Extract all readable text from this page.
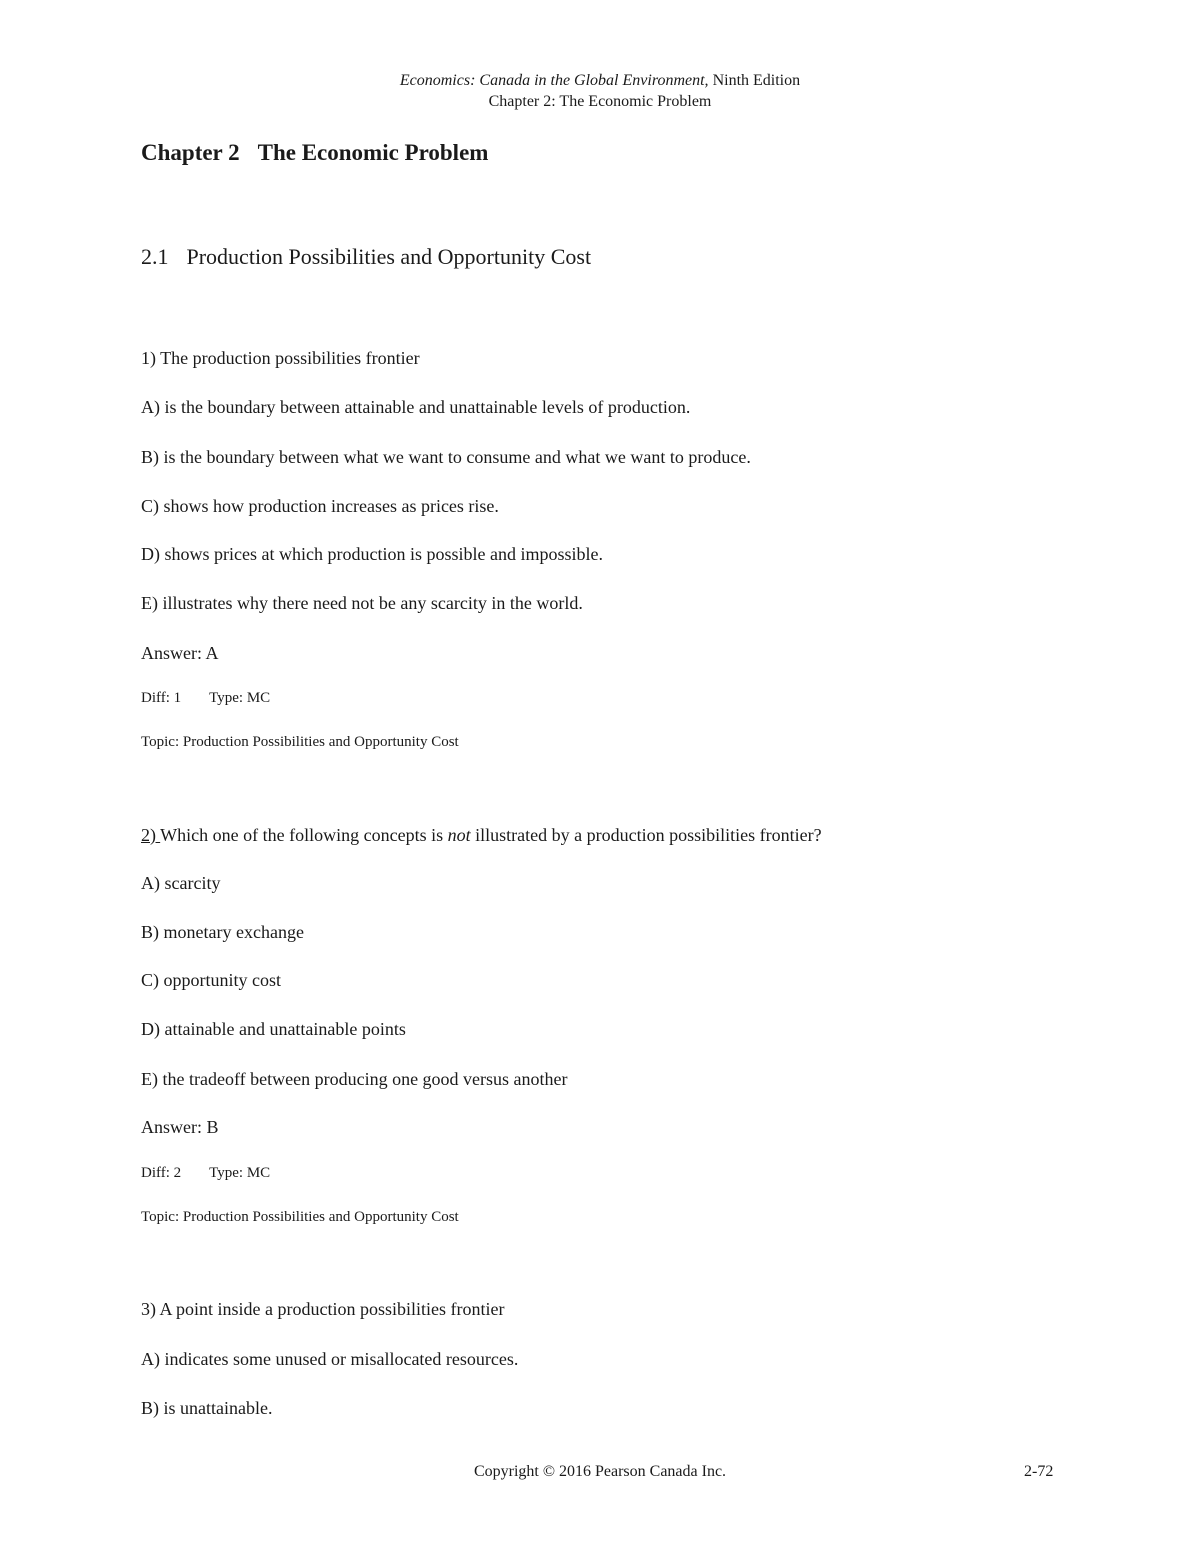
Economics: Canada in the Global Environment, Ninth Edition
Chapter 2: The Economic Problem
Chapter 2 The Economic Problem
2.1 Production Possibilities and Opportunity Cost
1) The production possibilities frontier
A) is the boundary between attainable and unattainable levels of production.
B) is the boundary between what we want to consume and what we want to produce.
C) shows how production increases as prices rise.
D) shows prices at which production is possible and impossible.
E) illustrates why there need not be any scarcity in the world.
Answer: A
Diff: 1 Type: MC
Topic: Production Possibilities and Opportunity Cost
2) Which one of the following concepts is not illustrated by a production possibilities frontier?
A) scarcity
B) monetary exchange
C) opportunity cost
D) attainable and unattainable points
E) the tradeoff between producing one good versus another
Answer: B
Diff: 2 Type: MC
Topic: Production Possibilities and Opportunity Cost
3) A point inside a production possibilities frontier
A) indicates some unused or misallocated resources.
B) is unattainable.
Copyright © 2016 Pearson Canada Inc.	2-72
